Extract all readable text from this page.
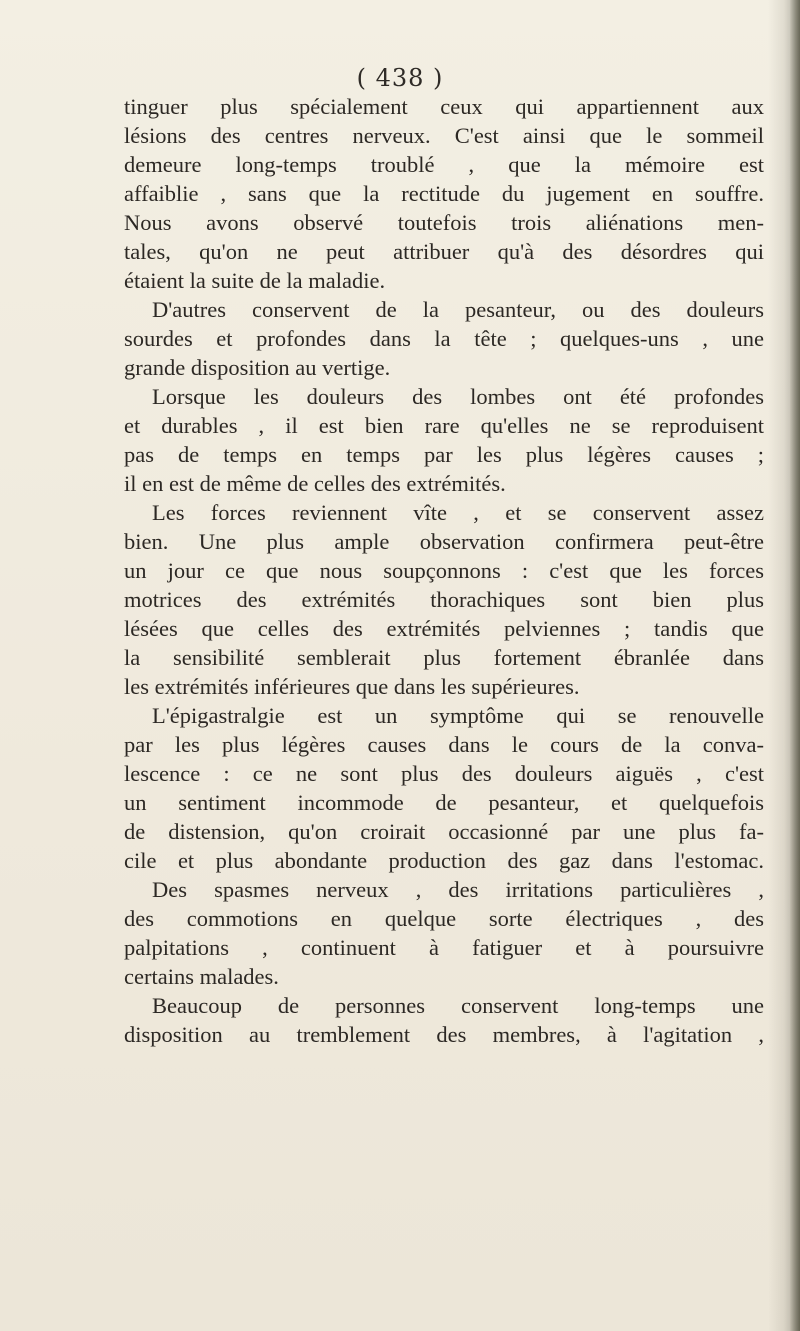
( 438 )
tinguer plus spécialement ceux qui appartiennent aux
lésions des centres nerveux. C'est ainsi que le sommeil
demeure long-temps troublé , que la mémoire est
affaiblie , sans que la rectitude du jugement en souffre.
Nous avons observé toutefois trois aliénations men-
tales, qu'on ne peut attribuer qu'à des désordres qui
étaient la suite de la maladie.
D'autres conservent de la pesanteur, ou des douleurs
sourdes et profondes dans la tête ; quelques-uns , une
grande disposition au vertige.
Lorsque les douleurs des lombes ont été profondes
et durables , il est bien rare qu'elles ne se reproduisent
pas de temps en temps par les plus légères causes ;
il en est de même de celles des extrémités.
Les forces reviennent vîte , et se conservent assez
bien. Une plus ample observation confirmera peut-être
un jour ce que nous soupçonnons : c'est que les forces
motrices des extrémités thorachiques sont bien plus
lésées que celles des extrémités pelviennes ; tandis que
la sensibilité semblerait plus fortement ébranlée dans
les extrémités inférieures que dans les supérieures.
L'épigastralgie est un symptôme qui se renouvelle
par les plus légères causes dans le cours de la conva-
lescence : ce ne sont plus des douleurs aiguës , c'est
un sentiment incommode de pesanteur, et quelquefois
de distension, qu'on croirait occasionné par une plus fa-
cile et plus abondante production des gaz dans l'estomac.
Des spasmes nerveux , des irritations particulières ,
des commotions en quelque sorte électriques , des
palpitations , continuent à fatiguer et à poursuivre
certains malades.
Beaucoup de personnes conservent long-temps une
disposition au tremblement des membres, à l'agitation ,
